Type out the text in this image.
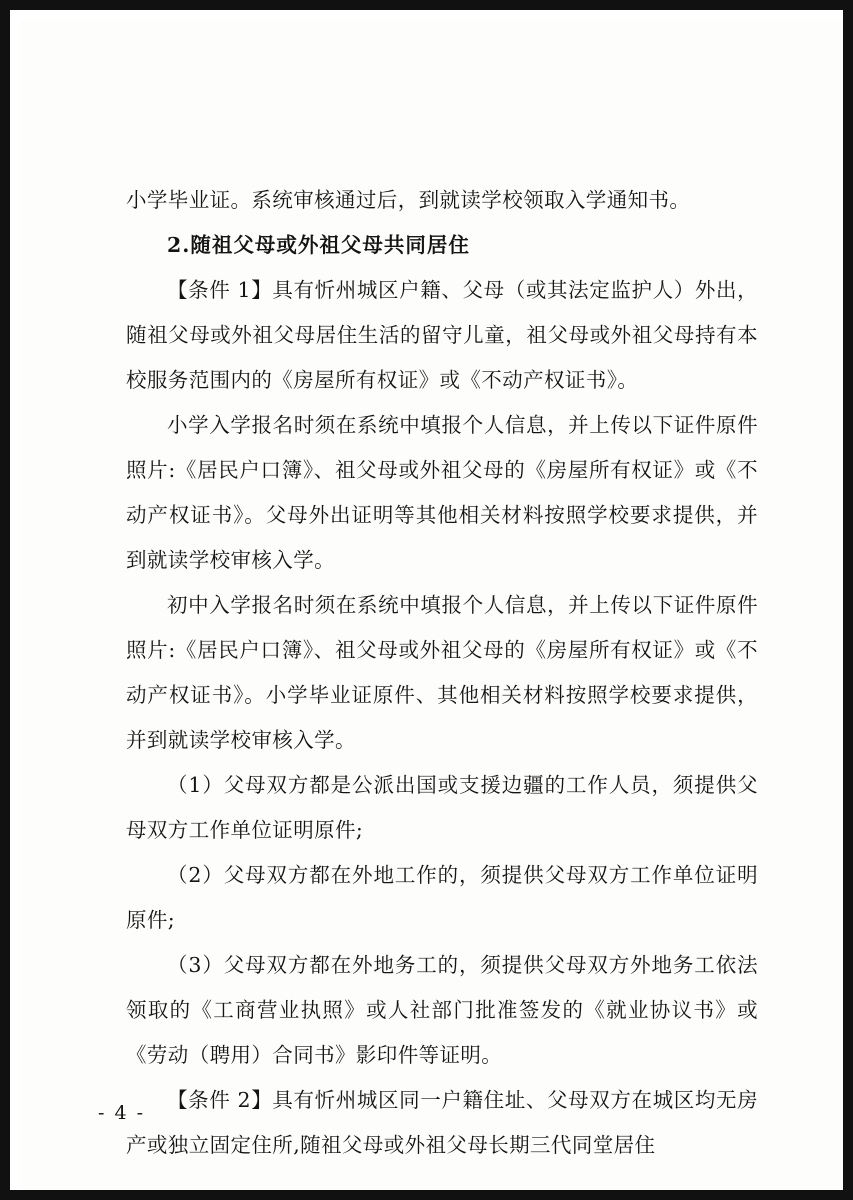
小学毕业证。系统审核通过后，到就读学校领取入学通知书。

2.随祖父母或外祖父母共同居住

【条件 1】具有忻州城区户籍、父母（或其法定监护人）外出，随祖父母或外祖父母居住生活的留守儿童，祖父母或外祖父母持有本校服务范围内的《房屋所有权证》或《不动产权证书》。

小学入学报名时须在系统中填报个人信息，并上传以下证件原件照片:《居民户口簿》、祖父母或外祖父母的《房屋所有权证》或《不动产权证书》。父母外出证明等其他相关材料按照学校要求提供，并到就读学校审核入学。

初中入学报名时须在系统中填报个人信息，并上传以下证件原件照片:《居民户口簿》、祖父母或外祖父母的《房屋所有权证》或《不动产权证书》。小学毕业证原件、其他相关材料按照学校要求提供，并到就读学校审核入学。

（1）父母双方都是公派出国或支援边疆的工作人员，须提供父母双方工作单位证明原件;

（2）父母双方都在外地工作的，须提供父母双方工作单位证明原件;

（3）父母双方都在外地务工的，须提供父母双方外地务工依法领取的《工商营业执照》或人社部门批准签发的《就业协议书》或《劳动（聘用）合同书》影印件等证明。

【条件 2】具有忻州城区同一户籍住址、父母双方在城区均无房产或独立固定住所,随祖父母或外祖父母长期三代同堂居住

- 4 -
